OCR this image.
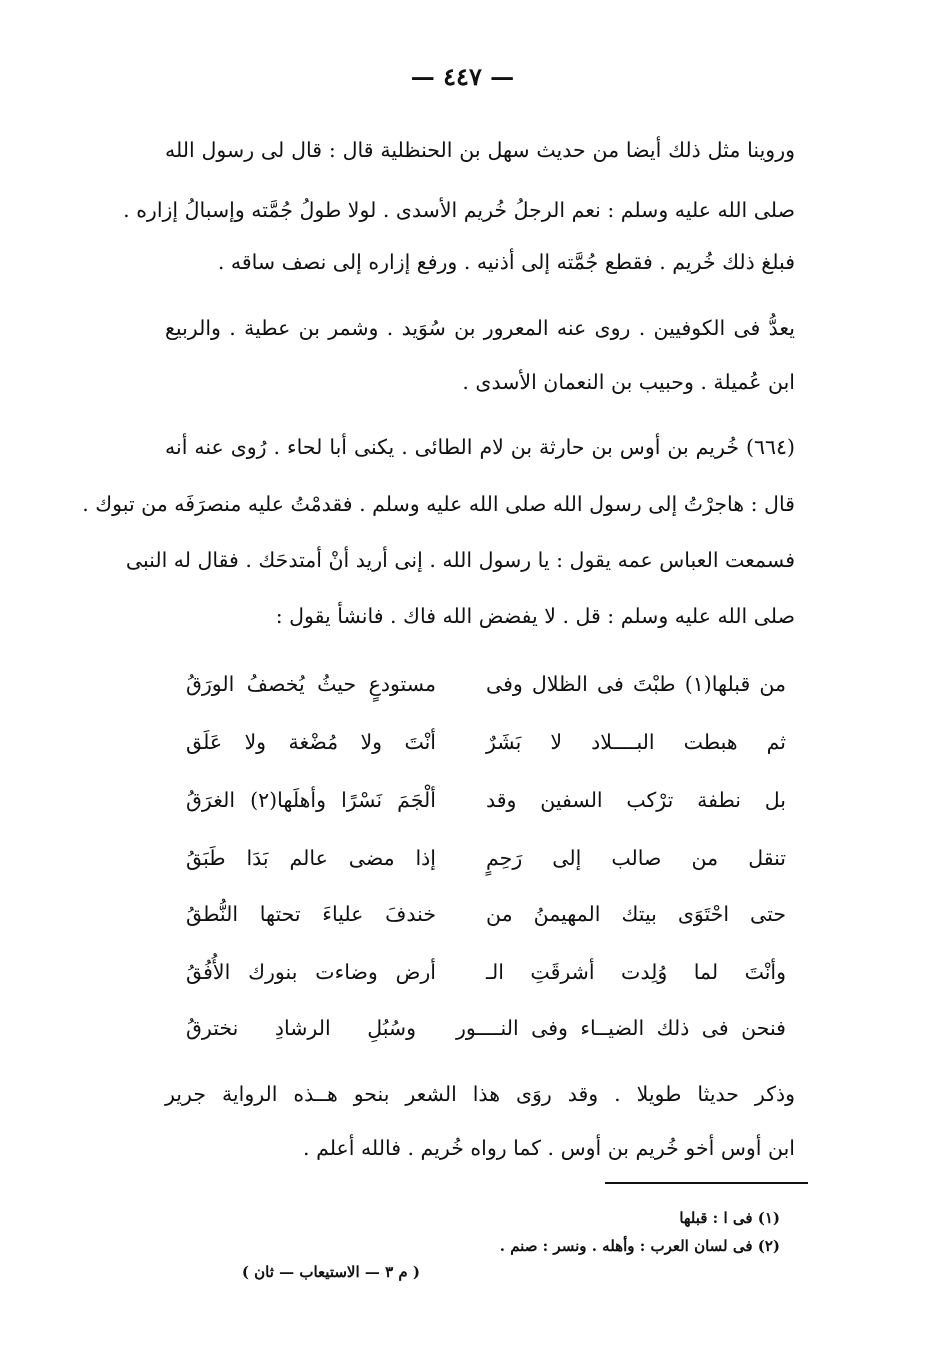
— ٤٤٧ —
وروينا مثل ذلك أيضا من حديث سهل بن الحنظلية قال : قال لى رسول الله
صلى الله عليه وسلم : نعم الرجلُ خُريم الأسدى . لولا طولُ جُمَّته وإسبالُ إزاره .
فبلغ ذلك خُريم . فقطع جُمَّته إلى أذنيه . ورفع إزاره إلى نصف ساقه .
يعدُّ فى الكوفيين . روى عنه المعرور بن سُوَيد . وشمر بن عطية . والربيع
ابن عُميلة . وحبيب بن النعمان الأسدى .
(٦٦٤) خُريم بن أوس بن حارثة بن لام الطائى . يكنى أبا لحاء . رُوى عنه أنه
قال : هاجرْتُ إلى رسول الله صلى الله عليه وسلم . فقدمْتُ عليه منصرَفَه من تبوك .
فسمعت العباس عمه يقول : يا رسول الله . إنى أريد أنْ أمتدحَك . فقال له النبى
صلى الله عليه وسلم : قل . لا يفضض الله فاك . فانشأ يقول :
من قبلها(١) طبْتَ فى الظلال وفى
مستودعٍ حيثُ يُخصفُ الورَقُ
ثم هبطت البــــلاد لا بَشَرٌ
أنْتَ ولا مُضْغة ولا عَلَق
بل نطفة ترْكب السفين وقد
ألْجَمَ نَسْرًا وأهلَها(٢) الغرَقُ
تنقل من صالب إلى رَحِمٍ
إذا مضى عالم بَدَا طَبَقُ
حتى احْتَوَى بيتك المهيمنُ من
خندفَ علياءَ تحتها النُّطقُ
وأنْتَ لما وُلِدت أشرقَتِ الـ
أرض وضاءت بنورك الأُفُقُ
فنحن فى ذلك الضيــاء وفى النــــور
وسُبُلِ الرشادِ نخترقُ
وذكر حديثا طويلا . وقد روَى هذا الشعر بنحو هــذه الرواية جرير
ابن أوس أخو خُريم بن أوس . كما رواه خُريم . فالله أعلم .
(١) فى ا : قبلها
(٢) فى لسان العرب : وأهله . ونسر : صنم .
( م ٣ — الاستيعاب — ثان )
